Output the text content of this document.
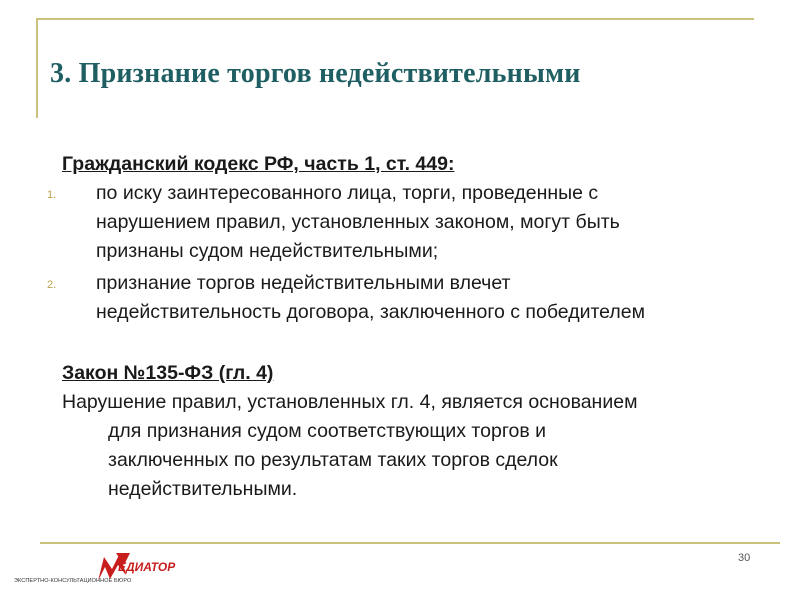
3. Признание торгов недействительными

Гражданский кодекс РФ, часть 1, ст. 449:

1. по иску заинтересованного лица, торги, проведенные с
нарушением правил, установленных законом, могут быть
признаны судом недействительными;
2. признание торгов недействительными влечет
недействительность договора, заключенного с победителем

Закон №135-ФЗ (гл. 4)

Нарушение правил, установленных гл. 4, является основанием
для признания судом соответствующих торгов и
заключенных по результатам таких торгов сделок
недействительными.

30
ЕДИАТОР
ЭКСПЕРТНО-КОНСУЛЬТАЦИОННОЕ БЮРО
